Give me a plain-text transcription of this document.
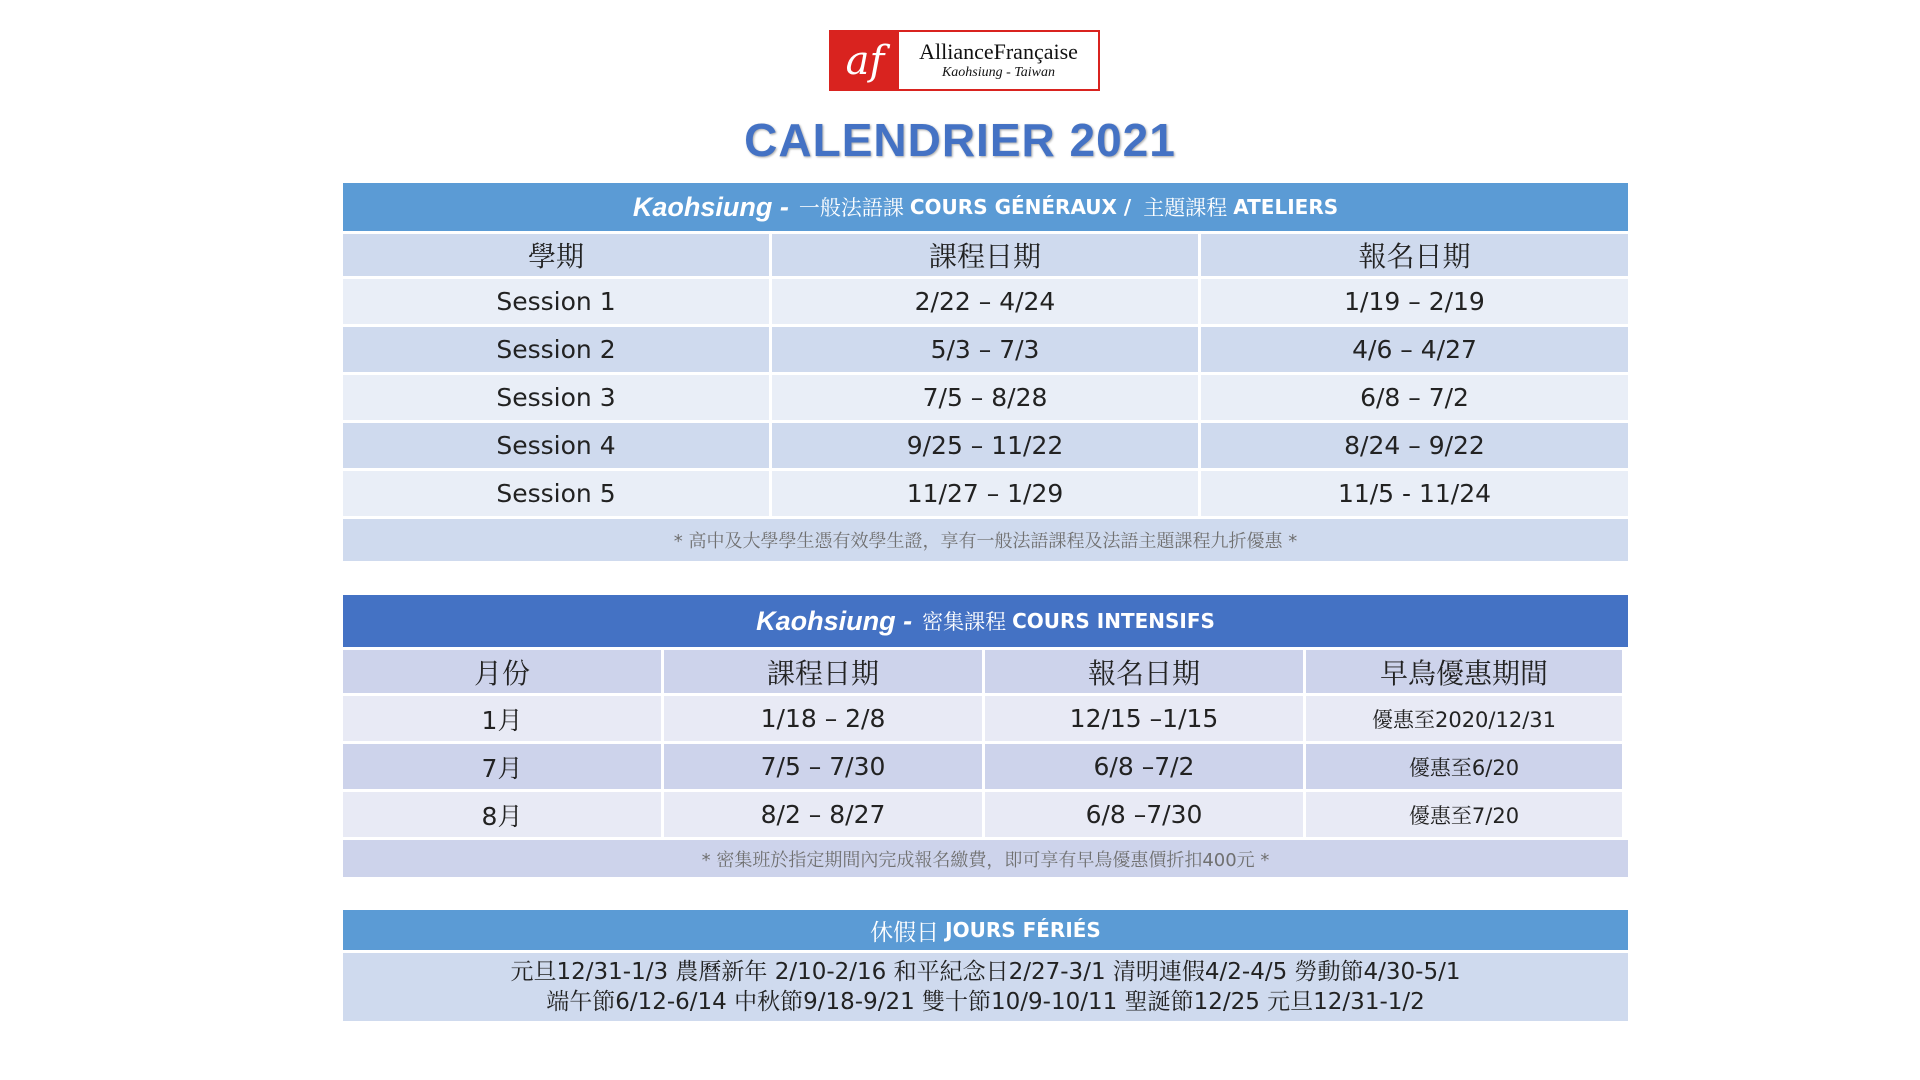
af	AllianceFrançaise
Kaohsiung - Taiwan
CALENDRIER 2021
Kaohsiung - 一般法語課 COURS GÉNÉRAUX / 主題課程 ATELIERS
學期	課程日期	報名日期
Session 1	2/22 – 4/24	1/19 – 2/19
Session 2	5/3 – 7/3	4/6 – 4/27
Session 3	7/5 – 8/28	6/8 – 7/2
Session 4	9/25 – 11/22	8/24 – 9/22
Session 5	11/27 – 1/29	11/5 - 11/24
* 高中及大學學生憑有效學生證，享有一般法語課程及法語主題課程九折優惠 *
Kaohsiung - 密集課程 COURS INTENSIFS
月份	課程日期	報名日期	早鳥優惠期間
1月	1/18 – 2/8	12/15 –1/15	優惠至2020/12/31
7月	7/5 – 7/30	6/8 –7/2	優惠至6/20
8月	8/2 – 8/27	6/8 –7/30	優惠至7/20
* 密集班於指定期間內完成報名繳費，即可享有早鳥優惠價折扣400元 *
休假日 JOURS FÉRIÉS
元旦12/31-1/3 農曆新年 2/10-2/16 和平紀念日2/27-3/1 清明連假4/2-4/5 勞動節4/30-5/1
端午節6/12-6/14 中秋節9/18-9/21 雙十節10/9-10/11 聖誕節12/25 元旦12/31-1/2
